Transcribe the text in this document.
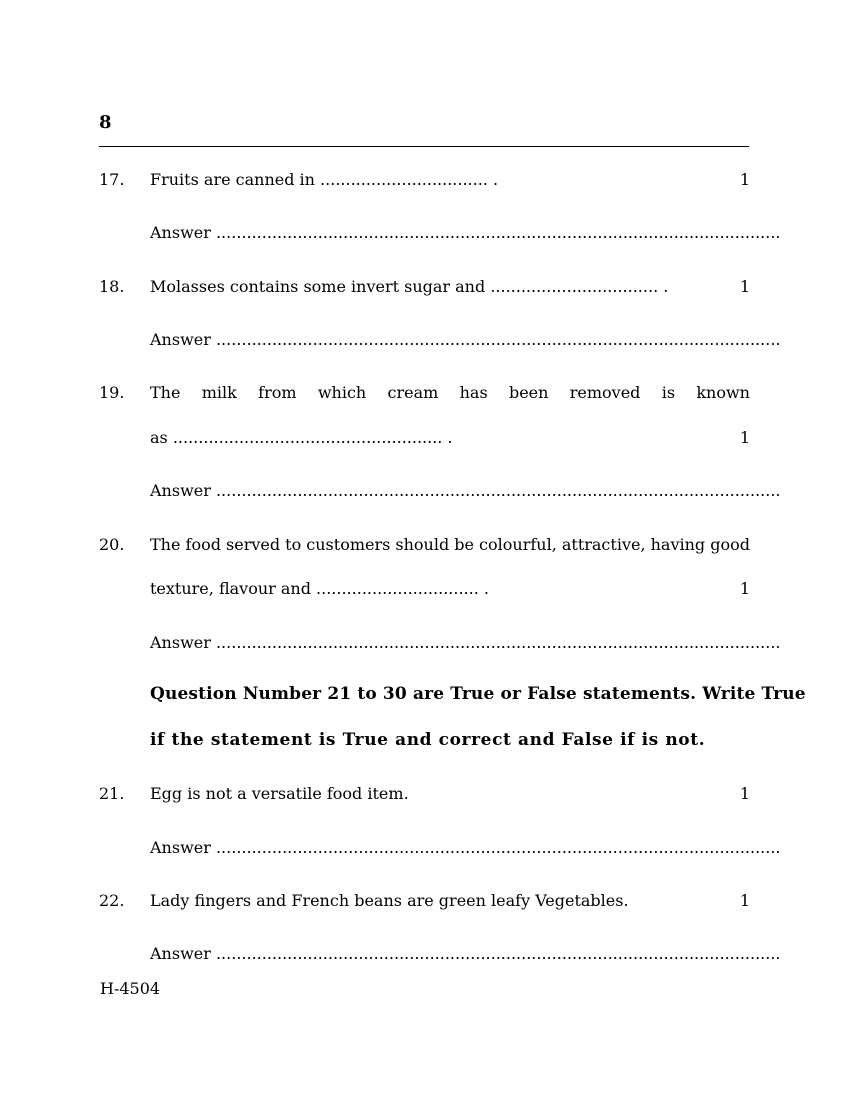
8
17. Fruits are canned in ................................. .	1
Answer ...............................................................................................................
18. Molasses contains some invert sugar and ................................. .	1
Answer ...............................................................................................................
19. The milk from which cream has been removed is known
as ..................................................... .	1
Answer ...............................................................................................................
20. The food served to customers should be colourful, attractive, having good
texture, flavour and ................................ .	1
Answer ...............................................................................................................
Question Number 21 to 30 are True or False statements. Write True
if the statement is True and correct and False if is not.
21. Egg is not a versatile food item.	1
Answer ...............................................................................................................
22. Lady fingers and French beans are green leafy Vegetables.	1
Answer ...............................................................................................................
H-4504
